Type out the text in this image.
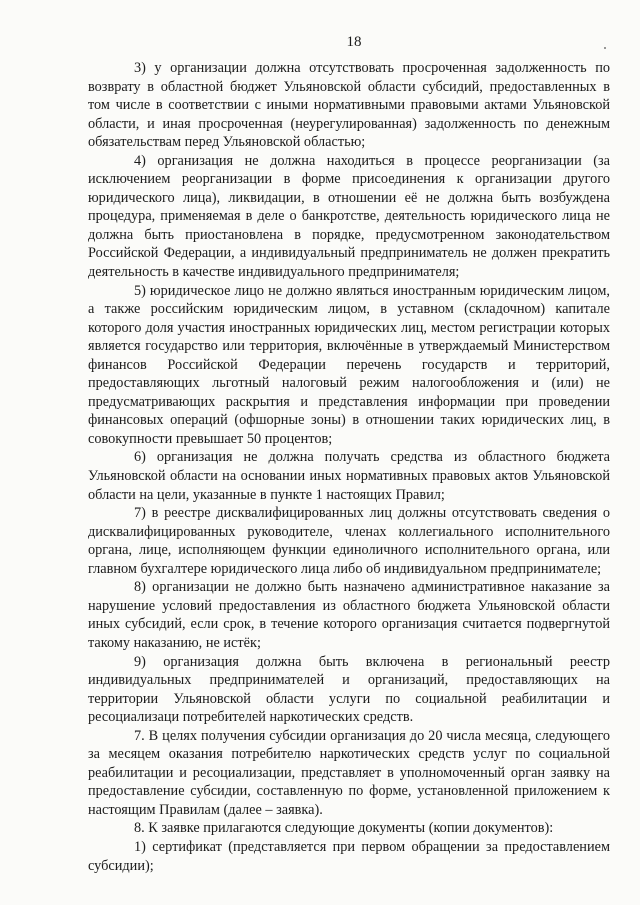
18

3) у организации должна отсутствовать просроченная задолженность по возврату в областной бюджет Ульяновской области субсидий, предоставленных в том числе в соответствии с иными нормативными правовыми актами Ульяновской области, и иная просроченная (неурегулированная) задолженность по денежным обязательствам перед Ульяновской областью;

4) организация не должна находиться в процессе реорганизации (за исключением реорганизации в форме присоединения к организации другого юридического лица), ликвидации, в отношении её не должна быть возбуждена процедура, применяемая в деле о банкротстве, деятельность юридического лица не должна быть приостановлена в порядке, предусмотренном законодательством Российской Федерации, а индивидуальный предприниматель не должен прекратить деятельность в качестве индивидуального предпринимателя;

5) юридическое лицо не должно являться иностранным юридическим лицом, а также российским юридическим лицом, в уставном (складочном) капитале которого доля участия иностранных юридических лиц, местом регистрации которых является государство или территория, включённые в утверждаемый Министерством финансов Российской Федерации перечень государств и территорий, предоставляющих льготный налоговый режим налогообложения и (или) не предусматривающих раскрытия и представления информации при проведении финансовых операций (офшорные зоны) в отношении таких юридических лиц, в совокупности превышает 50 процентов;

6) организация не должна получать средства из областного бюджета Ульяновской области на основании иных нормативных правовых актов Ульяновской области на цели, указанные в пункте 1 настоящих Правил;

7) в реестре дисквалифицированных лиц должны отсутствовать сведения о дисквалифицированных руководителе, членах коллегиального исполнительного органа, лице, исполняющем функции единоличного исполнительного органа, или главном бухгалтере юридического лица либо об индивидуальном предпринимателе;

8) организации не должно быть назначено административное наказание за нарушение условий предоставления из областного бюджета Ульяновской области иных субсидий, если срок, в течение которого организация считается подвергнутой такому наказанию, не истёк;

9) организация должна быть включена в региональный реестр индивидуальных предпринимателей и организаций, предоставляющих на территории Ульяновской области услуги по социальной реабилитации и ресоциализаци потребителей наркотических средств.

7. В целях получения субсидии организация до 20 числа месяца, следующего за месяцем оказания потребителю наркотических средств услуг по социальной реабилитации и ресоциализации, представляет в уполномоченный орган заявку на предоставление субсидии, составленную по форме, установленной приложением к настоящим Правилам (далее – заявка).

8. К заявке прилагаются следующие документы (копии документов):

1) сертификат (представляется при первом обращении за предоставлением субсидии);
